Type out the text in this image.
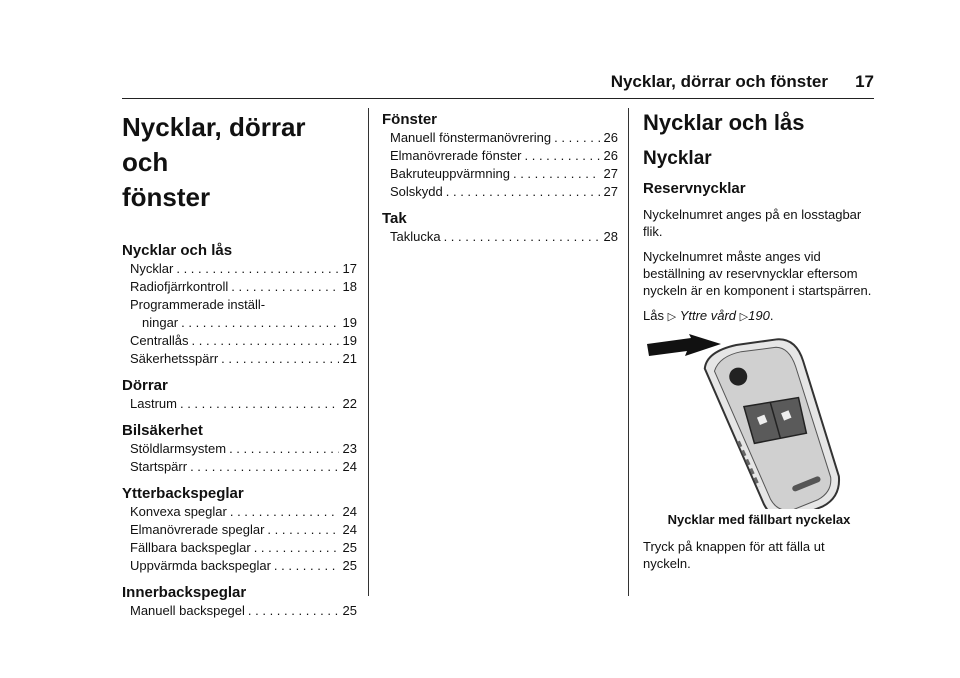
Nycklar, dörrar och fönster 17
Nycklar, dörrar och
fönster
Nycklar och lås
Nycklar . . .	17
Radiofjärrkontroll . . .	18
Programmerade inställ-
ningar . . .	19
Centrallås . . .	19
Säkerhetsspärr . . .	21
Dörrar
Lastrum . . .	22
Bilsäkerhet
Stöldlarmsystem . . .	23
Startspärr . . .	24
Ytterbackspeglar
Konvexa speglar . . .	24
Elmanövrerade speglar . . .	24
Fällbara backspeglar . . .	25
Uppvärmda backspeglar . . .	25
Innerbackspeglar
Manuell backspegel . . .	25
Fönster
Manuell fönstermanövrering . . .	26
Elmanövrerade fönster . . .	26
Bakruteuppvärmning . . .	27
Solskydd . . .	27
Tak
Taklucka . . .	28
Nycklar och lås
Nycklar
Reservnycklar

Nyckelnumret anges på en losstagbar flik.

Nyckelnumret måste anges vid beställning av reservnycklar eftersom nyckeln är en komponent i startspärren.

Lås ▷ Yttre vård ▷190.

Nycklar med fällbart nyckelax

Tryck på knappen för att fälla ut nyckeln.
